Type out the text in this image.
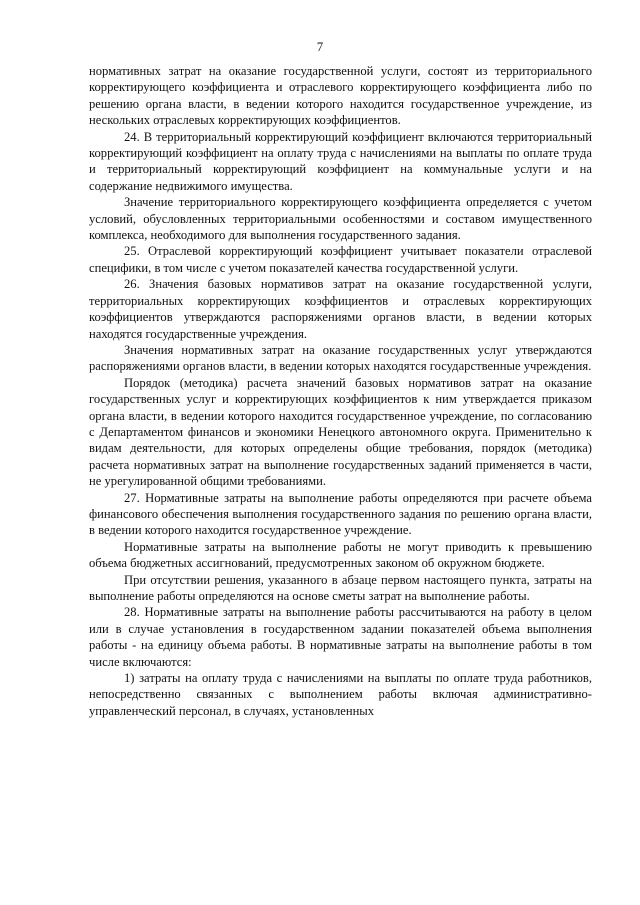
7

нормативных затрат на оказание государственной услуги, состоят из территориального корректирующего коэффициента и отраслевого корректирующего коэффициента либо по решению органа власти, в ведении которого находится государственное учреждение, из нескольких отраслевых корректирующих коэффициентов.

24. В территориальный корректирующий коэффициент включаются территориальный корректирующий коэффициент на оплату труда с начислениями на выплаты по оплате труда и территориальный корректирующий коэффициент на коммунальные услуги и на содержание недвижимого имущества.

Значение территориального корректирующего коэффициента определяется с учетом условий, обусловленных территориальными особенностями и составом имущественного комплекса, необходимого для выполнения государственного задания.

25. Отраслевой корректирующий коэффициент учитывает показатели отраслевой специфики, в том числе с учетом показателей качества государственной услуги.

26. Значения базовых нормативов затрат на оказание государственной услуги, территориальных корректирующих коэффициентов и отраслевых корректирующих коэффициентов утверждаются распоряжениями органов власти, в ведении которых находятся государственные учреждения.

Значения нормативных затрат на оказание государственных услуг утверждаются распоряжениями органов власти, в ведении которых находятся государственные учреждения.

Порядок (методика) расчета значений базовых нормативов затрат на оказание государственных услуг и корректирующих коэффициентов к ним утверждается приказом органа власти, в ведении которого находится государственное учреждение, по согласованию с Департаментом финансов и экономики Ненецкого автономного округа. Применительно к видам деятельности, для которых определены общие требования, порядок (методика) расчета нормативных затрат на выполнение государственных заданий применяется в части, не урегулированной общими требованиями.

27. Нормативные затраты на выполнение работы определяются при расчете объема финансового обеспечения выполнения государственного задания по решению органа власти, в ведении которого находится государственное учреждение.

Нормативные затраты на выполнение работы не могут приводить к превышению объема бюджетных ассигнований, предусмотренных законом об окружном бюджете.

При отсутствии решения, указанного в абзаце первом настоящего пункта, затраты на выполнение работы определяются на основе сметы затрат на выполнение работы.

28. Нормативные затраты на выполнение работы рассчитываются на работу в целом или в случае установления в государственном задании показателей объема выполнения работы - на единицу объема работы. В нормативные затраты на выполнение работы в том числе включаются:

1) затраты на оплату труда с начислениями на выплаты по оплате труда работников, непосредственно связанных с выполнением работы включая административно-управленческий персонал, в случаях, установленных
